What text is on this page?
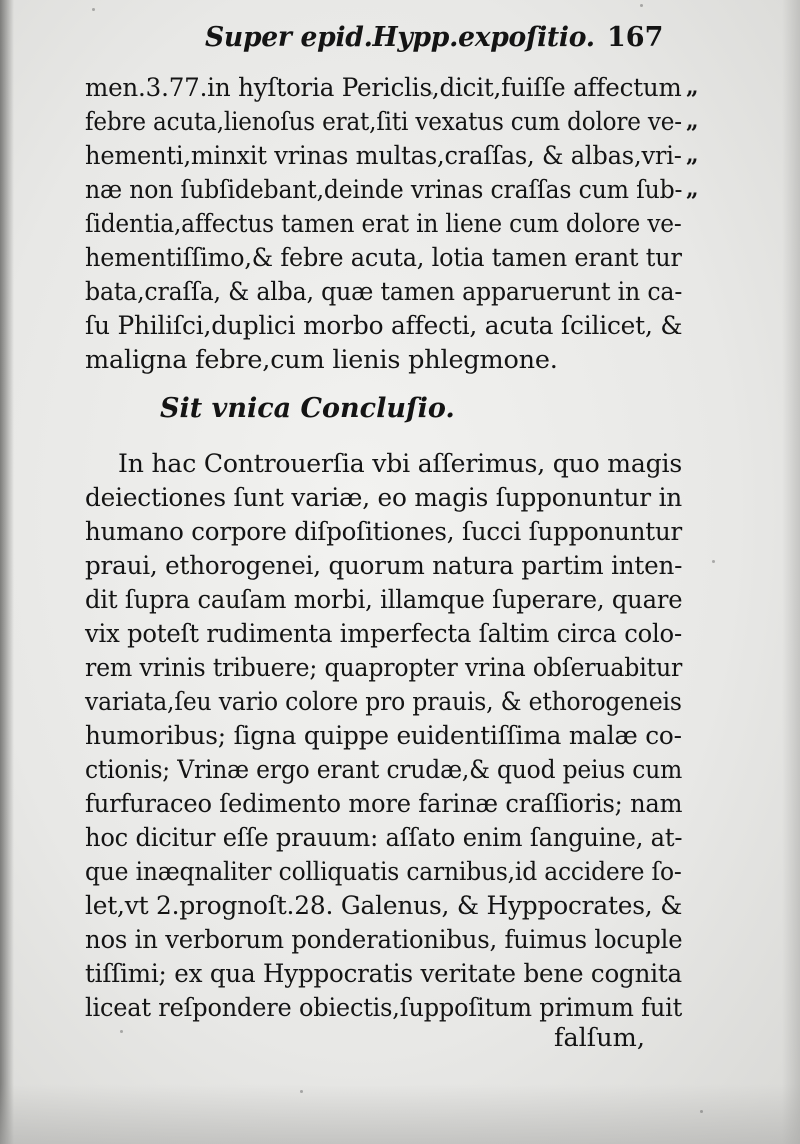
Super epid.Hypp.expoſitio. 167
men.3.77.in hyſtoria Periclis,dicit,fuiſſe affectum
febre acuta,lienoſus erat,ſiti vexatus cum dolore ve-
hementi,minxit vrinas multas,craſſas, & albas,vri-
næ non ſubſidebant,deinde vrinas craſſas cum ſub-
ſidentia,affectus tamen erat in liene cum dolore ve-
hementiſſimo,& febre acuta, lotia tamen erant tur
bata,craſſa, & alba, quæ tamen apparuerunt in ca-
ſu Philiſci,duplici morbo affecti, acuta ſcilicet, &
maligna febre,cum lienis phlegmone.
„
„
„
„
Sit vnica Concluſio.
In hac Controuerſia vbi aſſerimus, quo magis
deiectiones ſunt variæ, eo magis ſupponuntur in
humano corpore diſpoſitiones, ſucci ſupponuntur
praui, ethorogenei, quorum natura partim inten-
dit ſupra cauſam morbi, illamque ſuperare, quare
vix poteſt rudimenta imperfecta ſaltim circa colo-
rem vrinis tribuere; quapropter vrina obſeruabitur
variata,ſeu vario colore pro prauis, & ethorogeneis
humoribus; ſigna quippe euidentiſſima malæ co-
ctionis; Vrinæ ergo erant crudæ,& quod peius cum
furfuraceo ſedimento more farinæ craſſioris; nam
hoc dicitur eſſe prauum: aſſato enim ſanguine, at-
que inæqnaliter colliquatis carnibus,id accidere ſo-
let,vt 2.prognoſt.28. Galenus, & Hyppocrates, &
nos in verborum ponderationibus, fuimus locuple
tiſſimi; ex qua Hyppocratis veritate bene cognita
liceat reſpondere obiectis,ſuppoſitum primum fuit
falſum,
